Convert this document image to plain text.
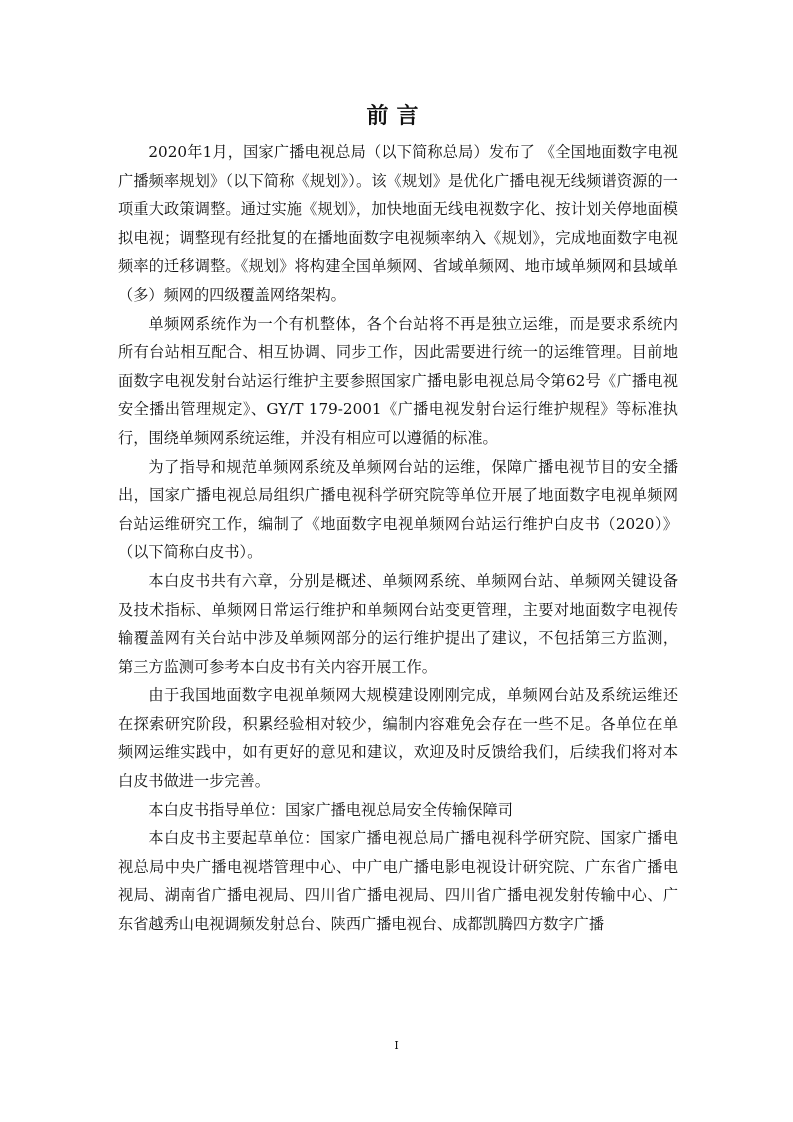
前言

2020年1月，国家广播电视总局（以下简称总局）发布了 《全国地面数字电视广播频率规划》（以下简称《规划》）。该《规划》是优化广播电视无线频谱资源的一项重大政策调整。通过实施《规划》，加快地面无线电视数字化、按计划关停地面模拟电视；调整现有经批复的在播地面数字电视频率纳入《规划》，完成地面数字电视频率的迁移调整。《规划》将构建全国单频网、省域单频网、地市域单频网和县域单（多）频网的四级覆盖网络架构。

单频网系统作为一个有机整体，各个台站将不再是独立运维，而是要求系统内所有台站相互配合、相互协调、同步工作，因此需要进行统一的运维管理。目前地面数字电视发射台站运行维护主要参照国家广播电影电视总局令第62号《广播电视安全播出管理规定》、GY/T 179-2001《广播电视发射台运行维护规程》等标准执行，围绕单频网系统运维，并没有相应可以遵循的标准。

为了指导和规范单频网系统及单频网台站的运维，保障广播电视节目的安全播出，国家广播电视总局组织广播电视科学研究院等单位开展了地面数字电视单频网台站运维研究工作，编制了《地面数字电视单频网台站运行维护白皮书（2020）》（以下简称白皮书）。

本白皮书共有六章，分别是概述、单频网系统、单频网台站、单频网关键设备及技术指标、单频网日常运行维护和单频网台站变更管理，主要对地面数字电视传输覆盖网有关台站中涉及单频网部分的运行维护提出了建议，不包括第三方监测，第三方监测可参考本白皮书有关内容开展工作。

由于我国地面数字电视单频网大规模建设刚刚完成，单频网台站及系统运维还在探索研究阶段，积累经验相对较少，编制内容难免会存在一些不足。各单位在单频网运维实践中，如有更好的意见和建议，欢迎及时反馈给我们，后续我们将对本白皮书做进一步完善。

本白皮书指导单位：国家广播电视总局安全传输保障司

本白皮书主要起草单位：国家广播电视总局广播电视科学研究院、国家广播电视总局中央广播电视塔管理中心、中广电广播电影电视设计研究院、广东省广播电视局、湖南省广播电视局、四川省广播电视局、四川省广播电视发射传输中心、广东省越秀山电视调频发射总台、陕西广播电视台、成都凯腾四方数字广播

I
